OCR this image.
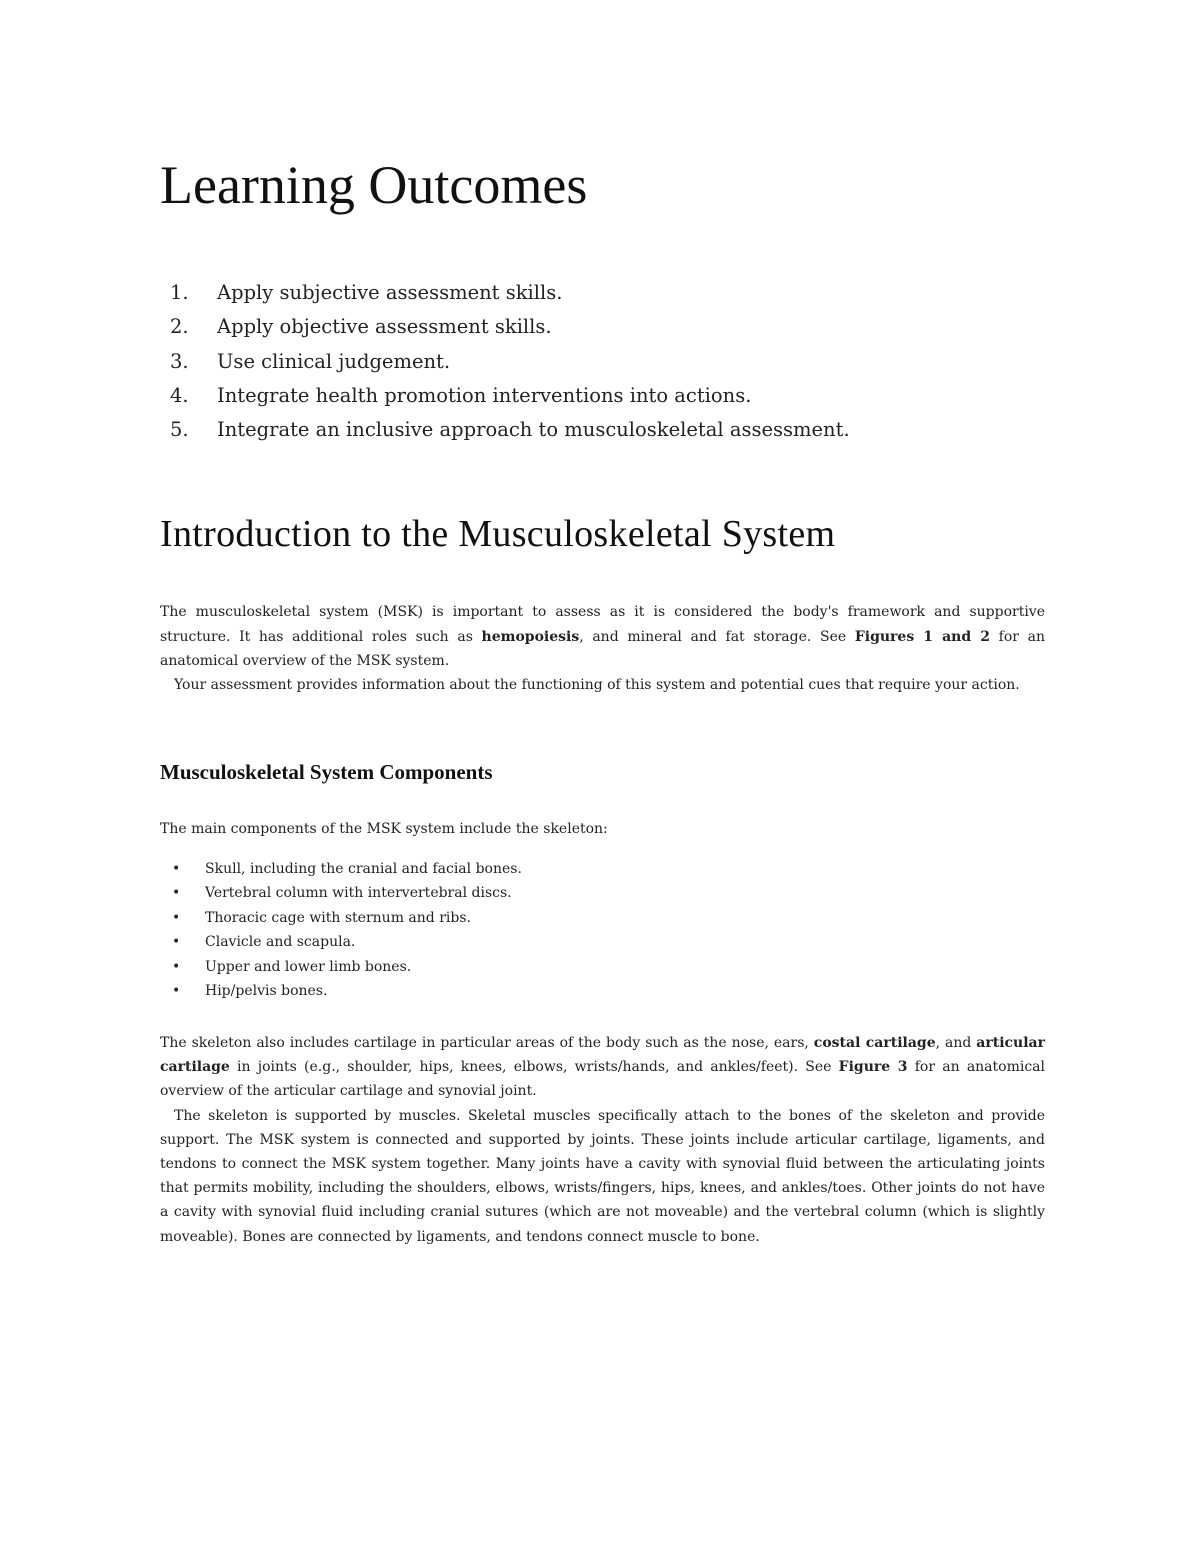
Learning Outcomes
1.	Apply subjective assessment skills.
2.	Apply objective assessment skills.
3.	Use clinical judgement.
4.	Integrate health promotion interventions into actions.
5.	Integrate an inclusive approach to musculoskeletal assessment.
Introduction to the Musculoskeletal System

The musculoskeletal system (MSK) is important to assess as it is considered the body's framework and supportive structure. It has additional roles such as hemopoiesis, and mineral and fat storage. See Figures 1 and 2 for an anatomical overview of the MSK system.

Your assessment provides information about the functioning of this system and potential cues that require your action.

Musculoskeletal System Components

The main components of the MSK system include the skeleton:

•	Skull, including the cranial and facial bones.
•	Vertebral column with intervertebral discs.
•	Thoracic cage with sternum and ribs.
•	Clavicle and scapula.
•	Upper and lower limb bones.
•	Hip/pelvis bones.

The skeleton also includes cartilage in particular areas of the body such as the nose, ears, costal cartilage, and articular cartilage in joints (e.g., shoulder, hips, knees, elbows, wrists/hands, and ankles/feet). See Figure 3 for an anatomical overview of the articular cartilage and synovial joint.

The skeleton is supported by muscles. Skeletal muscles specifically attach to the bones of the skeleton and provide support. The MSK system is connected and supported by joints. These joints include articular cartilage, ligaments, and tendons to connect the MSK system together. Many joints have a cavity with synovial fluid between the articulating joints that permits mobility, including the shoulders, elbows, wrists/fingers, hips, knees, and ankles/toes. Other joints do not have a cavity with synovial fluid including cranial sutures (which are not moveable) and the vertebral column (which is slightly moveable). Bones are connected by ligaments, and tendons connect muscle to bone.
